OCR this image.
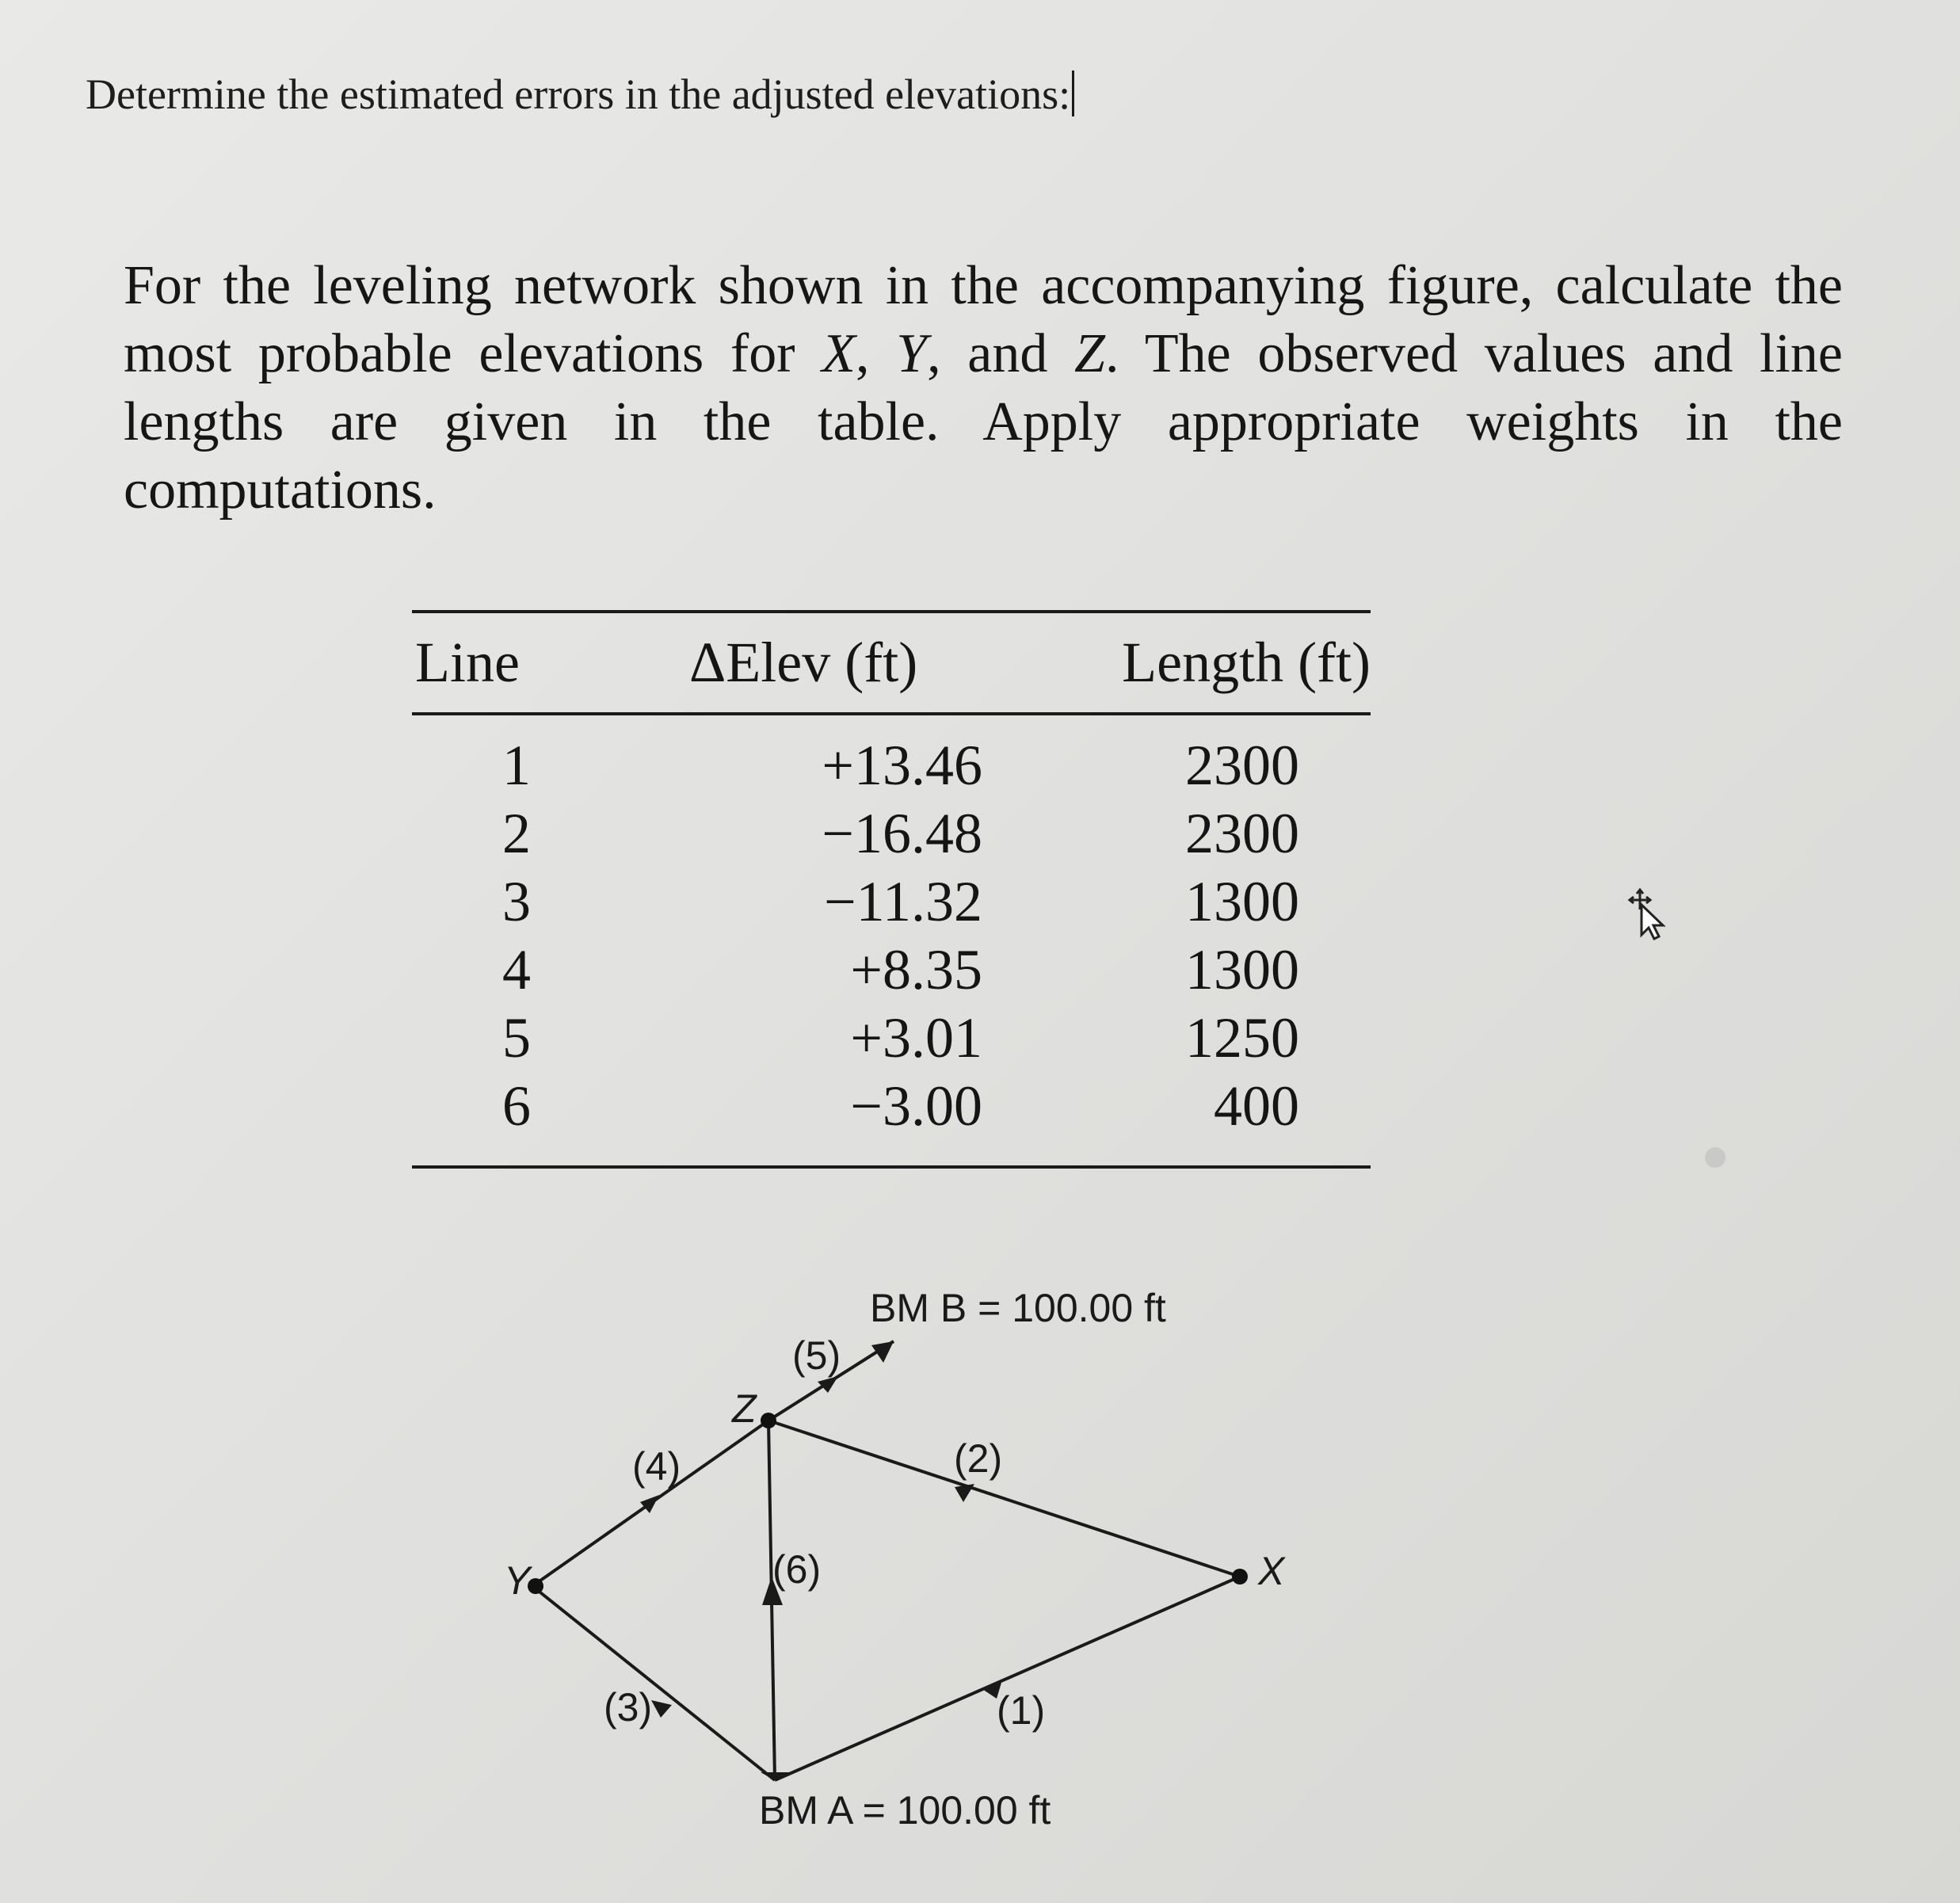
Determine the estimated errors in the adjusted elevations:
For the leveling network shown in the accompanying figure, calculate the most probable elevations for X, Y, and Z. The observed values and line lengths are given in the table. Apply appropriate weights in the computations.
Line	ΔElev (ft)	Length (ft)
1	+13.46	2300
2	−16.48	2300
3	−11.32	1300
4	+8.35	1300
5	+3.01	1250
6	−3.00	400
BM B = 100.00 ft
BM A = 100.00 ft
(5)
(4)	(2)
(6)
(3)	(1)
Z
Y	X
